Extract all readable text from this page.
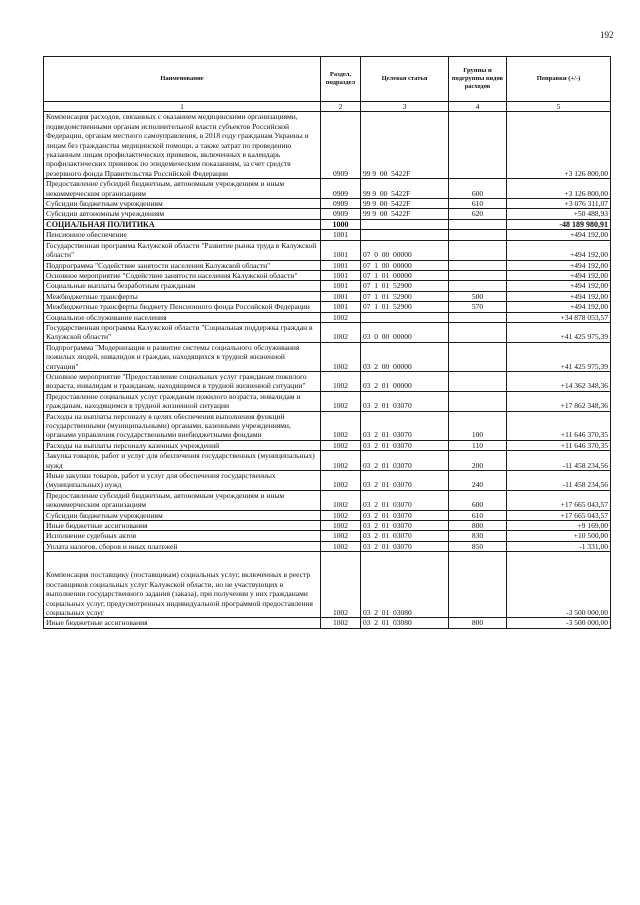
192
Наименование	Раздел, подраздел	Целевая статья	Группы и подгруппы видов расходов	Поправки (+/-)
1	2	3	4	5
Компенсация расходов, связанных с оказанием медицинскими организациями, подведомственными органам исполнительной власти субъектов Российской Федерации, органам местного самоуправления, в 2018 году гражданам Украины и лицам без гражданства медицинской помощи, а также затрат по проведению указанным лицам профилактических прививок, включенных в календарь профилактических прививок по эпидемическим показаниям, за счет средств резервного фонда Правительства Российской Федерации	0909	99 9  00  5422F		+3 126 800,00
Предоставление субсидий бюджетным, автономным учреждениям и иным некоммерческим организациям	0909	99 9  00  5422F	600	+3 126 800,00
Субсидии бюджетным учреждениям	0909	99 9  00  5422F	610	+3 076 311,07
Субсидии автономным учреждениям	0909	99 9  00  5422F	620	+50 488,93
СОЦИАЛЬНАЯ ПОЛИТИКА	1000			-48 189 980,91
Пенсионное обеспечение	1001			+494 192,00
Государственная программа Калужской области "Развитие рынка труда в Калужской области"	1001	07  0  00  00000		+494 192,00
Подпрограмма "Содействие занятости населения Калужской области"	1001	07  1  00  00000		+494 192,00
Основное мероприятие "Содействие занятости населения Калужской области"	1001	07  1  01  00000		+494 192,00
Социальные выплаты безработным гражданам	1001	07  1  01  52900		+494 192,00
Межбюджетные трансферты	1001	07  1  01  52900	500	+494 192,00
Межбюджетные трансферты бюджету Пенсионного фонда Российской Федерации	1001	07  1  01  52900	570	+494 192,00
Социальное обслуживание населения	1002			+34 878 053,57
Государственная программа Калужской области "Социальная поддержка граждан в Калужской области"	1002	03  0  00  00000		+41 425 975,39
Подпрограмма "Модернизация и развитие системы социального обслуживания пожилых людей, инвалидов и граждан, находящихся в трудной жизненной ситуации"	1002	03  2  00  00000		+41 425 975,39
Основное мероприятие "Предоставление социальных услуг гражданам пожилого возраста, инвалидам и гражданам, находящимся в трудной жизненной ситуации"	1002	03  2  01  00000		+14 362 348,36
Предоставление социальных услуг гражданам пожилого возраста, инвалидам и гражданам, находящимся в трудной жизненной ситуации	1002	03  2  01  03070		+17 862 348,36
Расходы на выплаты персоналу в целях обеспечения выполнения функций государственными (муниципальными) органами, казенными учреждениями, органами управления государственными внебюджетными фондами	1002	03  2  01  03070	100	+11 646 370,35
Расходы на выплаты персоналу казенных учреждений	1002	03  2  01  03070	110	+11 646 370,35
Закупка товаров, работ и услуг для обеспечения государственных (муниципальных) нужд	1002	03  2  01  03070	200	-11 458 234,56
Иные закупки товаров, работ и услуг для обеспечения государственных (муниципальных) нужд	1002	03  2  01  03070	240	-11 458 234,56
Предоставление субсидий бюджетным, автономным учреждениям и иным некоммерческим организациям	1002	03  2  01  03070	600	+17 665 043,57
Субсидии бюджетным учреждениям	1002	03  2  01  03070	610	+17 665 043,57
Иные бюджетные ассигнования	1002	03  2  01  03070	800	+9 169,00
Исполнение судебных актов	1002	03  2  01  03070	830	+10 500,00
Уплата налогов, сборов и иных платежей	1002	03  2  01  03070	850	-1 331,00
Компенсация поставщику (поставщикам) социальных услуг, включенных в реестр поставщиков социальных услуг Калужской области, но не участвующих в выполнении государственного задания (заказа), при получении у них гражданами социальных услуг, предусмотренных индивидуальной программой предоставления социальных услуг	1002	03  2  01  03080		-3 500 000,00
Иные бюджетные ассигнования	1002	03  2  01  03080	800	-3 500 000,00
